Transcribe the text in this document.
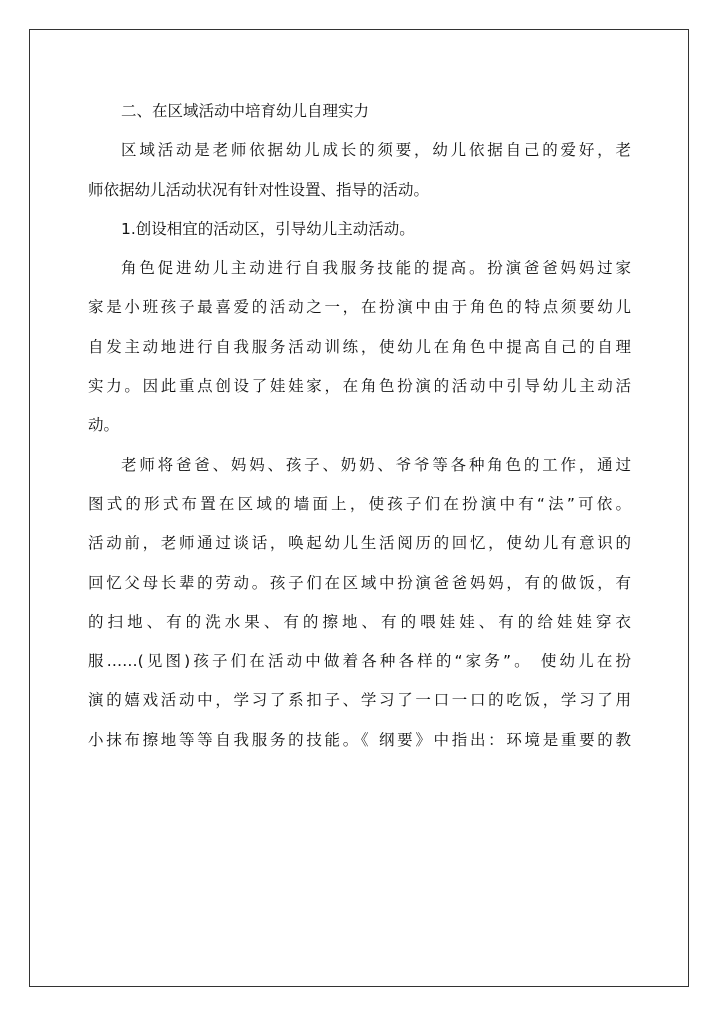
二、在区域活动中培育幼儿自理实力
区域活动是老师依据幼儿成长的须要，幼儿依据自己的爱好，老
师依据幼儿活动状况有针对性设置、指导的活动。
1.创设相宜的活动区，引导幼儿主动活动。
角色促进幼儿主动进行自我服务技能的提高。扮演爸爸妈妈过家
家是小班孩子最喜爱的活动之一，在扮演中由于角色的特点须要幼儿
自发主动地进行自我服务活动训练，使幼儿在角色中提高自己的自理
实力。因此重点创设了娃娃家，在角色扮演的活动中引导幼儿主动活
动。
老师将爸爸、妈妈、孩子、奶奶、爷爷等各种角色的工作，通过
图式的形式布置在区域的墙面上，使孩子们在扮演中有“法”可依。
活动前，老师通过谈话，唤起幼儿生活阅历的回忆，使幼儿有意识的
回忆父母长辈的劳动。孩子们在区域中扮演爸爸妈妈，有的做饭，有
的扫地、有的洗水果、有的擦地、有的喂娃娃、有的给娃娃穿衣
服……(见图)孩子们在活动中做着各种各样的“家务”。 使幼儿在扮
演的嬉戏活动中，学习了系扣子、学习了一口一口的吃饭，学习了用
小抹布擦地等等自我服务的技能。《 纲要》中指出：环境是重要的教
